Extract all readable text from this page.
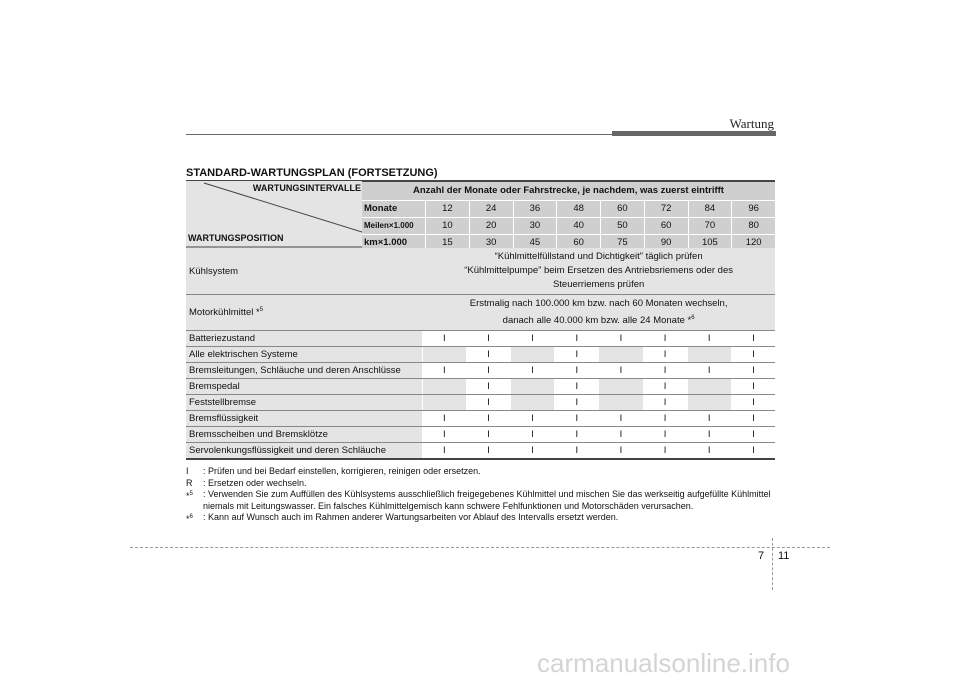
Wartung
STANDARD-WARTUNGSPLAN (FORTSETZUNG)
WARTUNGSINTERVALLE
WARTUNGSPOSITION
Anzahl der Monate oder Fahrstrecke, je nachdem, was zuerst eintrifft
Monate	12	24	36	48	60	72	84	96
Meilen×1.000	10	20	30	40	50	60	70	80
km×1.000	15	30	45	60	75	90	105	120
Kühlsystem	“Kühlmittelfüllstand und Dichtigkeit” täglich prüfen
“Kühlmittelpumpe” beim Ersetzen des Antriebsriemens oder des
Steuerriemens prüfen							

Motorkühlmittel *$^5$	Erstmalig nach 100.000 km bzw. nach 60 Monaten wechseln,
danach alle 40.000 km bzw. alle 24 Monate *$^6$

Batteriezustand	I	I	I	I	I	I	I	I
Alle elektrischen Systeme		I		I		I		I
Bremsleitungen, Schläuche und deren Anschlüsse	I	I	I	I	I	I	I	I
Bremspedal		I		I		I		I
Feststellbremse		I		I		I		I
Bremsflüssigkeit	I	I	I	I	I	I	I	I
Bremsscheiben und Bremsklötze	I	I	I	I	I	I	I	I
Servolenkungsflüssigkeit und deren Schläuche	I	I	I	I	I	I	I	I
I	: Prüfen und bei Bedarf einstellen, korrigieren, reinigen oder ersetzen.
R	: Ersetzen oder wechseln.
*$^5$	: Verwenden Sie zum Auffüllen des Kühlsystems ausschließlich freigegebenes Kühlmittel und mischen Sie das werkseitig aufgefüllte Kühlmittel niemals mit Leitungswasser. Ein falsches Kühlmittelgemisch kann schwere Fehlfunktionen und Motorschäden verursachen.
*$^6$	: Kann auf Wunsch auch im Rahmen anderer Wartungsarbeiten vor Ablauf des Intervalls ersetzt werden.
7 11
carmanualsonline.info
